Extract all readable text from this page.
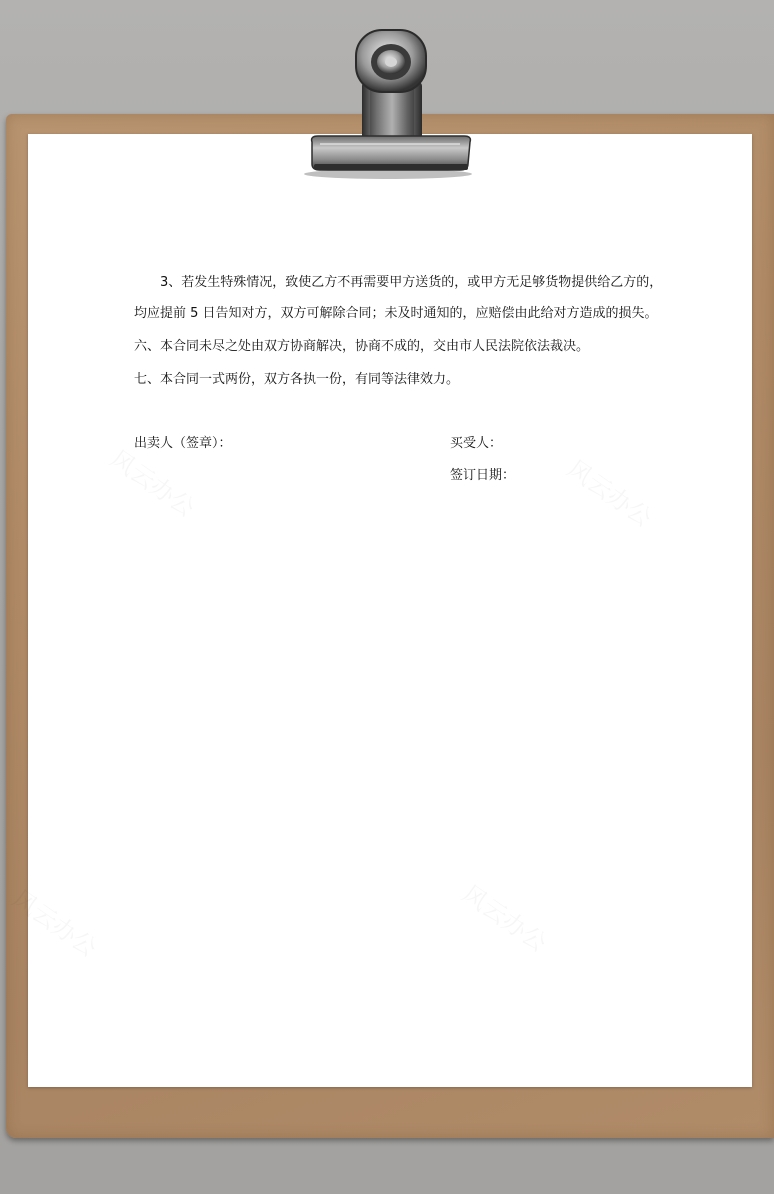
3、若发生特殊情况，致使乙方不再需要甲方送货的，或甲方无足够货物提供给乙方的，
均应提前 5 日告知对方，双方可解除合同；未及时通知的，应赔偿由此给对方造成的损失。
六、本合同未尽之处由双方协商解决，协商不成的，交由市人民法院依法裁决。
七、本合同一式两份，双方各执一份，有同等法律效力。
出卖人（签章）：	买受人：
签订日期：
